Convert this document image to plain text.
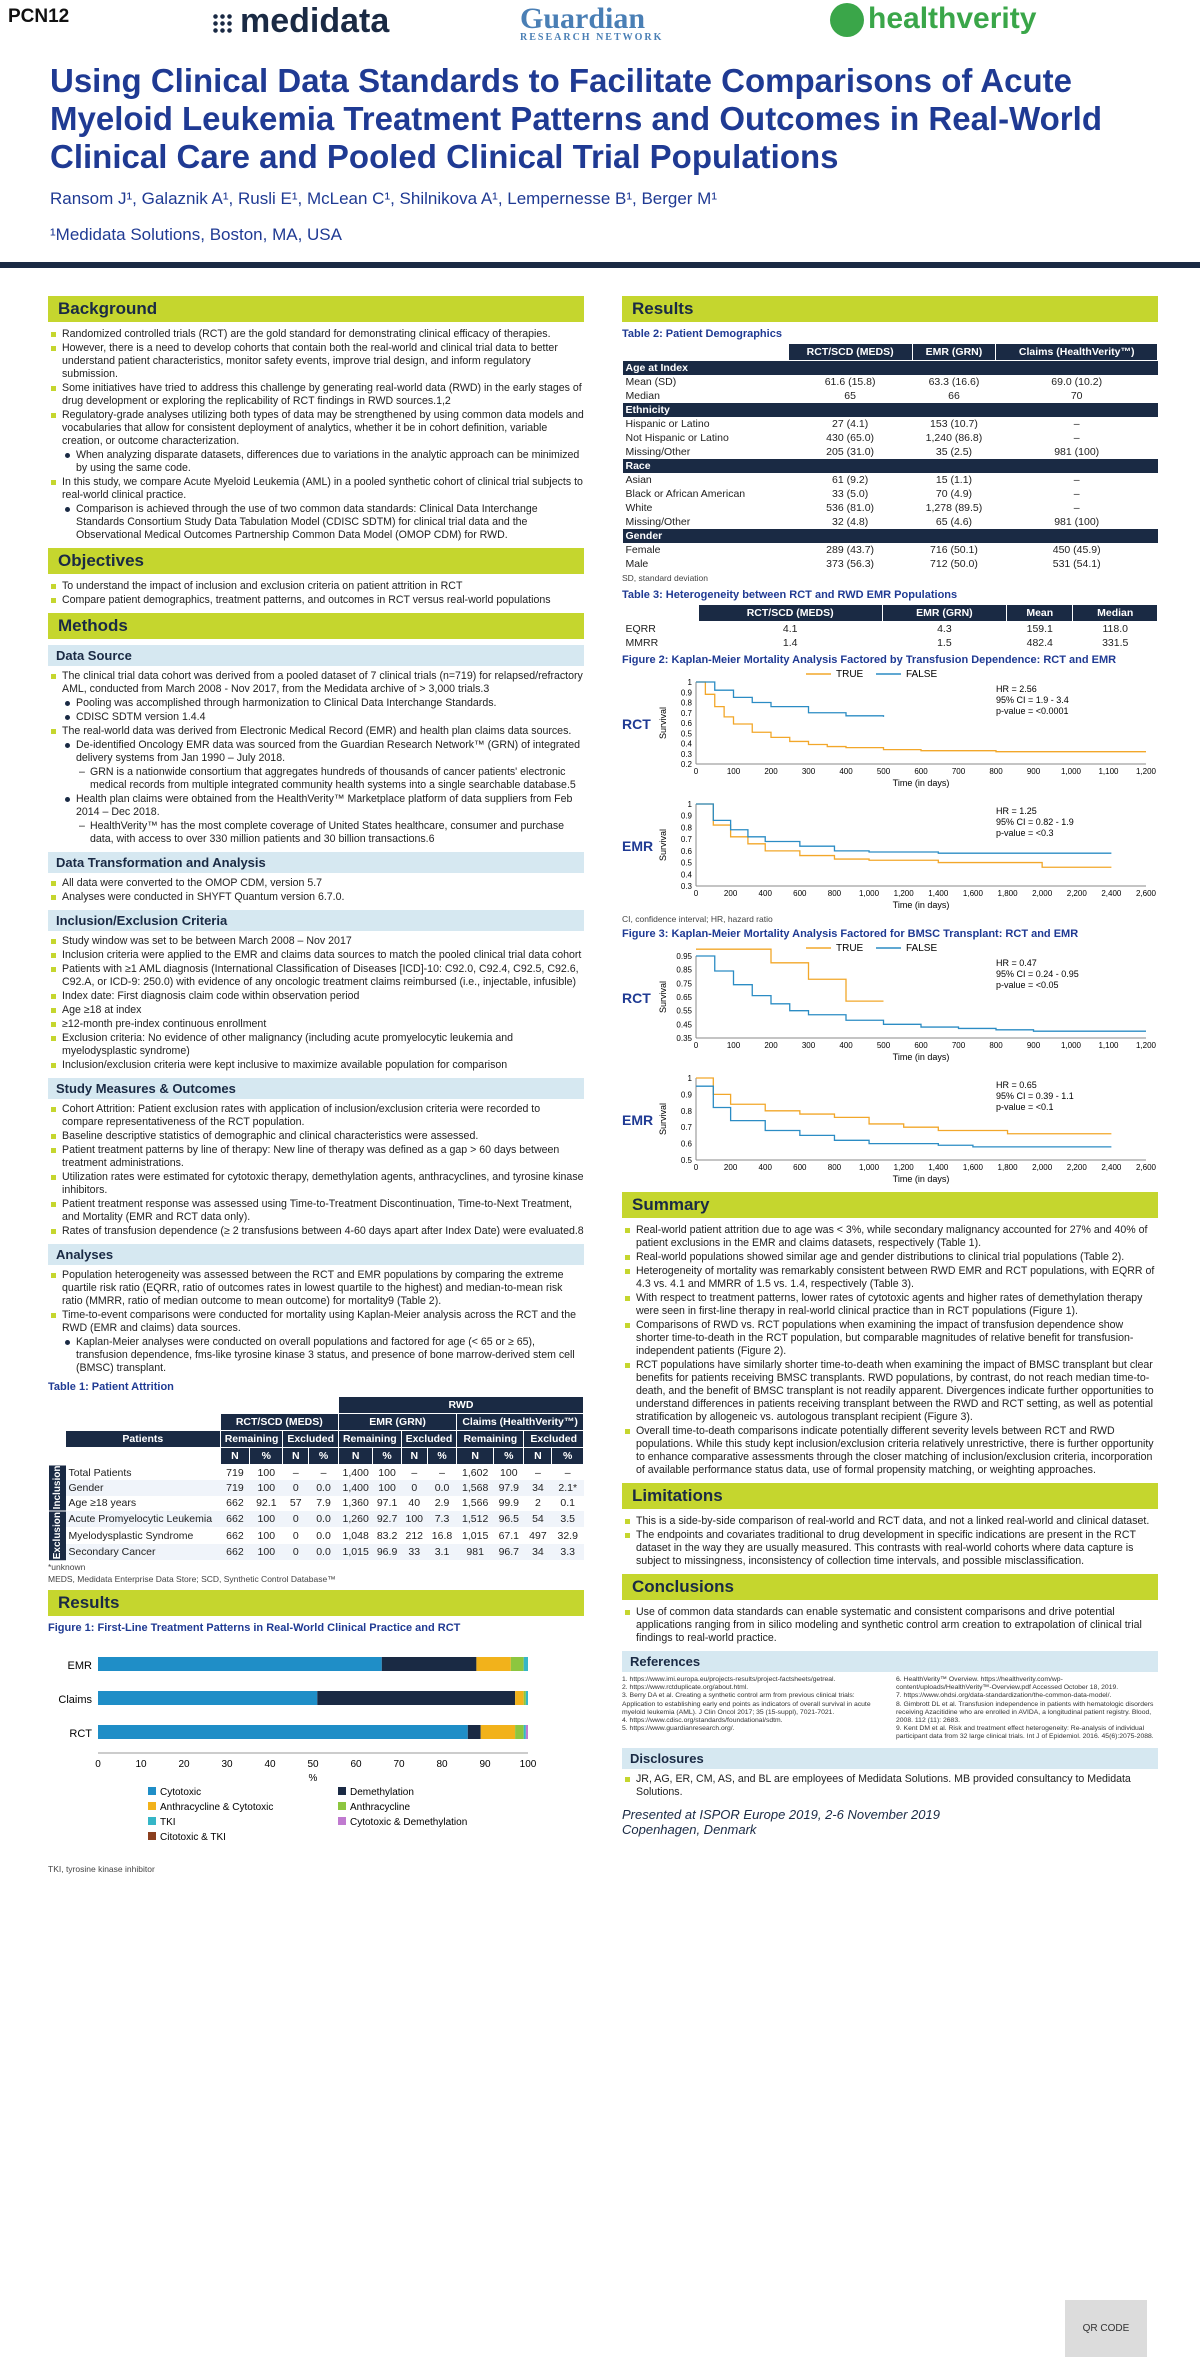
PCN12	medidata	Guardian
RESEARCH NETWORK
healthverity
Using Clinical Data Standards to Facilitate Comparisons of Acute Myeloid Leukemia Treatment Patterns and Outcomes in Real-World Clinical Care and Pooled Clinical Trial Populations
Ransom J¹, Galaznik A¹, Rusli E¹, McLean C¹, Shilnikova A¹, Lempernesse B¹, Berger M¹
¹Medidata Solutions, Boston, MA, USA
Background
Randomized controlled trials (RCT) are the gold standard for demonstrating clinical efficacy of therapies.
However, there is a need to develop cohorts that contain both the real-world and clinical trial data to better understand patient characteristics, monitor safety events, improve trial design, and inform regulatory submission.
Some initiatives have tried to address this challenge by generating real-world data (RWD) in the early stages of drug development or exploring the replicability of RCT findings in RWD sources.1,2
Regulatory-grade analyses utilizing both types of data may be strengthened by using common data models and vocabularies that allow for consistent deployment of analytics, whether it be in cohort definition, variable creation, or outcome characterization.
When analyzing disparate datasets, differences due to variations in the analytic approach can be minimized by using the same code.
In this study, we compare Acute Myeloid Leukemia (AML) in a pooled synthetic cohort of clinical trial subjects to real-world clinical practice.
Comparison is achieved through the use of two common data standards: Clinical Data Interchange Standards Consortium Study Data Tabulation Model (CDISC SDTM) for clinical trial data and the Observational Medical Outcomes Partnership Common Data Model (OMOP CDM) for RWD.
Objectives
To understand the impact of inclusion and exclusion criteria on patient attrition in RCT
Compare patient demographics, treatment patterns, and outcomes in RCT versus real-world populations
Methods
Data Source
The clinical trial data cohort was derived from a pooled dataset of 7 clinical trials (n=719) for relapsed/refractory AML, conducted from March 2008 - Nov 2017, from the Medidata archive of > 3,000 trials.3
Pooling was accomplished through harmonization to Clinical Data Interchange Standards.
CDISC SDTM version 1.4.4
The real-world data was derived from Electronic Medical Record (EMR) and health plan claims data sources.
De-identified Oncology EMR data was sourced from the Guardian Research Network™ (GRN) of integrated delivery systems from Jan 1990 – July 2018.
– GRN is a nationwide consortium that aggregates hundreds of thousands of cancer patients' electronic medical records from multiple integrated community health systems into a single searchable database.5
Health plan claims were obtained from the HealthVerity™ Marketplace platform of data suppliers from Feb 2014 – Dec 2018.
– HealthVerity™ has the most complete coverage of United States healthcare, consumer and purchase data, with access to over 330 million patients and 30 billion transactions.6
Data Transformation and Analysis
All data were converted to the OMOP CDM, version 5.7
Analyses were conducted in SHYFT Quantum version 6.7.0.
Inclusion/Exclusion Criteria
Study window was set to be between March 2008 – Nov 2017
Inclusion criteria were applied to the EMR and claims data sources to match the pooled clinical trial data cohort
Patients with ≥1 AML diagnosis (International Classification of Diseases [ICD]-10: C92.0, C92.4, C92.5, C92.6, C92.A, or ICD-9: 250.0) with evidence of any oncologic treatment claims reimbursed (i.e., injectable, infusible)
Index date: First diagnosis claim code within observation period
Age ≥18 at index
≥12-month pre-index continuous enrollment
Exclusion criteria: No evidence of other malignancy (including acute promyelocytic leukemia and myelodysplastic syndrome)
Inclusion/exclusion criteria were kept inclusive to maximize available population for comparison
Study Measures & Outcomes
Cohort Attrition: Patient exclusion rates with application of inclusion/exclusion criteria were recorded to compare representativeness of the RCT population.
Baseline descriptive statistics of demographic and clinical characteristics were assessed.
Patient treatment patterns by line of therapy: New line of therapy was defined as a gap > 60 days between treatment administrations.
Utilization rates were estimated for cytotoxic therapy, demethylation agents, anthracyclines, and tyrosine kinase inhibitors.
Patient treatment response was assessed using Time-to-Treatment Discontinuation, Time-to-Next Treatment, and Mortality (EMR and RCT data only).
Rates of transfusion dependence (≥ 2 transfusions between 4-60 days apart after Index Date) were evaluated.8
Analyses
Population heterogeneity was assessed between the RCT and EMR populations by comparing the extreme quartile risk ratio (EQRR, ratio of outcomes rates in lowest quartile to the highest) and median-to-mean risk ratio (MMRR, ratio of median outcome to mean outcome) for mortality9 (Table 2).
Time-to-event comparisons were conducted for mortality using Kaplan-Meier analysis across the RCT and the RWD (EMR and claims) data sources.
Kaplan-Meier analyses were conducted on overall populations and factored for age (< 65 or ≥ 65), transfusion dependence, fms-like tyrosine kinase 3 status, and presence of bone marrow-derived stem cell (BMSC) transplant.
Table 1: Patient Attrition
						RWD							
		RCT/SCD (MEDS)				EMR (GRN)				Claims (HealthVerity™)			
	Patients	Remaining		Excluded		Remaining		Excluded		Remaining		Excluded	
		N	%	N	%	N	%	N	%	N	%	N	%
Inclusion	Total Patients	719	100	–	–	1,400	100	–	–	1,602	100	–	–
	Gender	719	100	0	0.0	1,400	100	0	0.0	1,568	97.9	34	2.1*
	Age ≥18 years	662	92.1	57	7.9	1,360	97.1	40	2.9	1,566	99.9	2	0.1
Exclusion	Acute Promyelocytic Leukemia	662	100	0	0.0	1,260	92.7	100	7.3	1,512	96.5	54	3.5
	Myelodysplastic Syndrome	662	100	0	0.0	1,048	83.2	212	16.8	1,015	67.1	497	32.9
	Secondary Cancer	662	100	0	0.0	1,015	96.9	33	3.1	981	96.7	34	3.3
*unknown
MEDS, Medidata Enterprise Data Store; SCD, Synthetic Control Database™
Results
Figure 1: First-Line Treatment Patterns in Real-World Clinical Practice and RCT
EMR
Claims
RCT
0	10	20	30	40	50	60	70	80	90	100
%
Cytotoxic	Demethylation
Anthracycline & Cytotoxic	Anthracycline
TKI	Cytotoxic & Demethylation
Citotoxic & TKI
TKI, tyrosine kinase inhibitor
Results
Table 2: Patient Demographics
	RCT/SCD (MEDS)	EMR (GRN)	Claims (HealthVerity™)
Age at Index			
Mean (SD)	61.6 (15.8)	63.3 (16.6)	69.0 (10.2)
Median	65	66	70
Ethnicity			
Hispanic or Latino	27 (4.1)	153 (10.7)	–
Not Hispanic or Latino	430 (65.0)	1,240 (86.8)	–
Missing/Other	205 (31.0)	35 (2.5)	981 (100)
Race			
Asian	61 (9.2)	15 (1.1)	–
Black or African American	33 (5.0)	70 (4.9)	–
White	536 (81.0)	1,278 (89.5)	–
Missing/Other	32 (4.8)	65 (4.6)	981 (100)
Gender			
Female	289 (43.7)	716 (50.1)	450 (45.9)
Male	373 (56.3)	712 (50.0)	531 (54.1)
SD, standard deviation
Table 3: Heterogeneity between RCT and RWD EMR Populations
	RCT/SCD (MEDS)	EMR (GRN)	Mean	Median
EQRR	4.1	4.3	159.1	118.0
MMRR	1.4	1.5	482.4	331.5
Figure 2: Kaplan-Meier Mortality Analysis Factored by Transfusion Dependence: RCT and EMR
RCT
0.2
0.3
0.4
0.5
0.6
0.7
0.8
0.9
1
0	100	200	300	400	500	600	700	800	900	1,000 1,100 1,200
Time (in days)
Survival
HR = 2.56
95% CI = 1.9 - 3.4
p-value = <0.0001
TRUE	FALSE
EMR
0.3
0.4
0.5
0.6
0.7
0.8
0.9
1
0	200	400	600	800 1,000 1,200 1,400 1,600 1,800 2,000 2,200 2,400 2,600
Time (in days)
Survival
HR = 1.25
95% CI = 0.82 - 1.9
p-value = <0.3
CI, confidence interval; HR, hazard ratio
Figure 3: Kaplan-Meier Mortality Analysis Factored for BMSC Transplant: RCT and EMR
RCT
0.35
0.45
0.55
0.65
0.75
0.85
0.95
0	100	200	300	400	500	600	700	800	900	1,000 1,100 1,200
Time (in days)
Survival
HR = 0.47
95% CI = 0.24 - 0.95
p-value = <0.05
TRUE	FALSE
EMR
0.5
0.6
0.7
0.8
0.9
1
0	200	400	600	800 1,000 1,200 1,400 1,600 1,800 2,000 2,200 2,400 2,600
Time (in days)
Survival
HR = 0.65
95% CI = 0.39 - 1.1
p-value = <0.1
Summary
Real-world patient attrition due to age was < 3%, while secondary malignancy accounted for 27% and 40% of patient exclusions in the EMR and claims datasets, respectively (Table 1).
Real-world populations showed similar age and gender distributions to clinical trial populations (Table 2).
Heterogeneity of mortality was remarkably consistent between RWD EMR and RCT populations, with EQRR of 4.3 vs. 4.1 and MMRR of 1.5 vs. 1.4, respectively (Table 3).
With respect to treatment patterns, lower rates of cytotoxic agents and higher rates of demethylation therapy were seen in first-line therapy in real-world clinical practice than in RCT populations (Figure 1).
Comparisons of RWD vs. RCT populations when examining the impact of transfusion dependence show shorter time-to-death in the RCT population, but comparable magnitudes of relative benefit for transfusion-independent patients (Figure 2).
RCT populations have similarly shorter time-to-death when examining the impact of BMSC transplant but clear benefits for patients receiving BMSC transplants. RWD populations, by contrast, do not reach median time-to-death, and the benefit of BMSC transplant is not readily apparent. Divergences indicate further opportunities to understand differences in patients receiving transplant between the RWD and RCT setting, as well as potential stratification by allogeneic vs. autologous transplant recipient (Figure 3).
Overall time-to-death comparisons indicate potentially different severity levels between RCT and RWD populations. While this study kept inclusion/exclusion criteria relatively unrestrictive, there is further opportunity to enhance comparative assessments through the closer matching of inclusion/exclusion criteria, incorporation of available performance status data, use of formal propensity matching, or weighting approaches.
Limitations
This is a side-by-side comparison of real-world and RCT data, and not a linked real-world and clinical dataset.
The endpoints and covariates traditional to drug development in specific indications are present in the RCT dataset in the way they are usually measured. This contrasts with real-world cohorts where data capture is subject to missingness, inconsistency of collection time intervals, and possible misclassification.
Conclusions
Use of common data standards can enable systematic and consistent comparisons and drive potential applications ranging from in silico modeling and synthetic control arm creation to extrapolation of clinical trial findings to real-world practice.
References
1. https://www.imi.europa.eu/projects-results/project-factsheets/getreal.
2. https://www.rctduplicate.org/about.html.
3. Berry DA et al. Creating a synthetic control arm from previous clinical trials: Application to establishing early end points as indicators of overall survival in acute myeloid leukemia (AML). J Clin Oncol 2017; 35 (15-suppl), 7021-7021.
4. https://www.cdisc.org/standards/foundational/sdtm.
5. https://www.guardianresearch.org/.
6. HealthVerity™ Overview. https://healthverity.com/wp-content/uploads/HealthVerity™-Overview.pdf Accessed October 18, 2019.
7. https://www.ohdsi.org/data-standardization/the-common-data-model/.
8. Gimbrott DL et al. Transfusion independence in patients with hematologic disorders receiving Azacitidine who are enrolled in AVIDA, a longitudinal patient registry. Blood, 2008. 112 (11): 2683.
9. Kent DM et al. Risk and treatment effect heterogeneity: Re-analysis of individual participant data from 32 large clinical trials. Int J of Epidemiol. 2016. 45(6):2075-2088.
Disclosures
JR, AG, ER, CM, AS, and BL are employees of Medidata Solutions. MB provided consultancy to Medidata Solutions.
Presented at ISPOR Europe 2019, 2-6 November 2019
Copenhagen, Denmark
QR CODE
